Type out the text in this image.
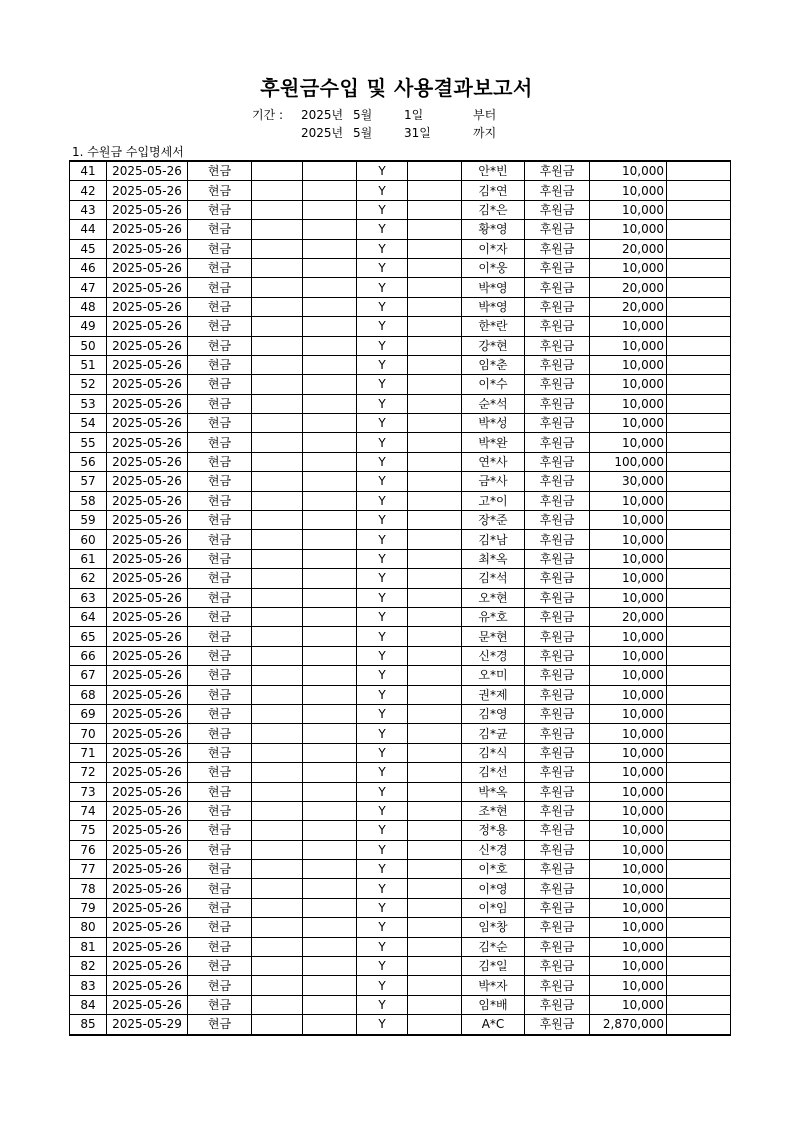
후원금수입 및 사용결과보고서
기간 : 2025년 5월	1일	부터
2025년 5월	31일	까지
1. 수원금 수입명세서
41	2025-05-26	현금			Y		안*빈	후원금	10,000	
42	2025-05-26	현금			Y		김*연	후원금	10,000	
43	2025-05-26	현금			Y		김*은	후원금	10,000	
44	2025-05-26	현금			Y		황*영	후원금	10,000	
45	2025-05-26	현금			Y		이*자	후원금	20,000	
46	2025-05-26	현금			Y		이*웅	후원금	10,000	
47	2025-05-26	현금			Y		박*영	후원금	20,000	
48	2025-05-26	현금			Y		박*영	후원금	20,000	
49	2025-05-26	현금			Y		한*란	후원금	10,000	
50	2025-05-26	현금			Y		강*현	후원금	10,000	
51	2025-05-26	현금			Y		임*춘	후원금	10,000	
52	2025-05-26	현금			Y		이*수	후원금	10,000	
53	2025-05-26	현금			Y		순*석	후원금	10,000	
54	2025-05-26	현금			Y		박*성	후원금	10,000	
55	2025-05-26	현금			Y		박*완	후원금	10,000	
56	2025-05-26	현금			Y		연*사	후원금	100,000	
57	2025-05-26	현금			Y		금*사	후원금	30,000	
58	2025-05-26	현금			Y		고*이	후원금	10,000	
59	2025-05-26	현금			Y		장*준	후원금	10,000	
60	2025-05-26	현금			Y		김*남	후원금	10,000	
61	2025-05-26	현금			Y		최*옥	후원금	10,000	
62	2025-05-26	현금			Y		김*석	후원금	10,000	
63	2025-05-26	현금			Y		오*현	후원금	10,000	
64	2025-05-26	현금			Y		유*호	후원금	20,000	
65	2025-05-26	현금			Y		문*현	후원금	10,000	
66	2025-05-26	현금			Y		신*경	후원금	10,000	
67	2025-05-26	현금			Y		오*미	후원금	10,000	
68	2025-05-26	현금			Y		권*제	후원금	10,000	
69	2025-05-26	현금			Y		김*영	후원금	10,000	
70	2025-05-26	현금			Y		김*균	후원금	10,000	
71	2025-05-26	현금			Y		김*식	후원금	10,000	
72	2025-05-26	현금			Y		김*선	후원금	10,000	
73	2025-05-26	현금			Y		박*옥	후원금	10,000	
74	2025-05-26	현금			Y		조*현	후원금	10,000	
75	2025-05-26	현금			Y		정*용	후원금	10,000	
76	2025-05-26	현금			Y		신*경	후원금	10,000	
77	2025-05-26	현금			Y		이*호	후원금	10,000	
78	2025-05-26	현금			Y		이*영	후원금	10,000	
79	2025-05-26	현금			Y		이*임	후원금	10,000	
80	2025-05-26	현금			Y		임*창	후원금	10,000	
81	2025-05-26	현금			Y		김*순	후원금	10,000	
82	2025-05-26	현금			Y		김*일	후원금	10,000	
83	2025-05-26	현금			Y		박*자	후원금	10,000	
84	2025-05-26	현금			Y		임*배	후원금	10,000	
85	2025-05-29	현금			Y		A*C	후원금	2,870,000	
